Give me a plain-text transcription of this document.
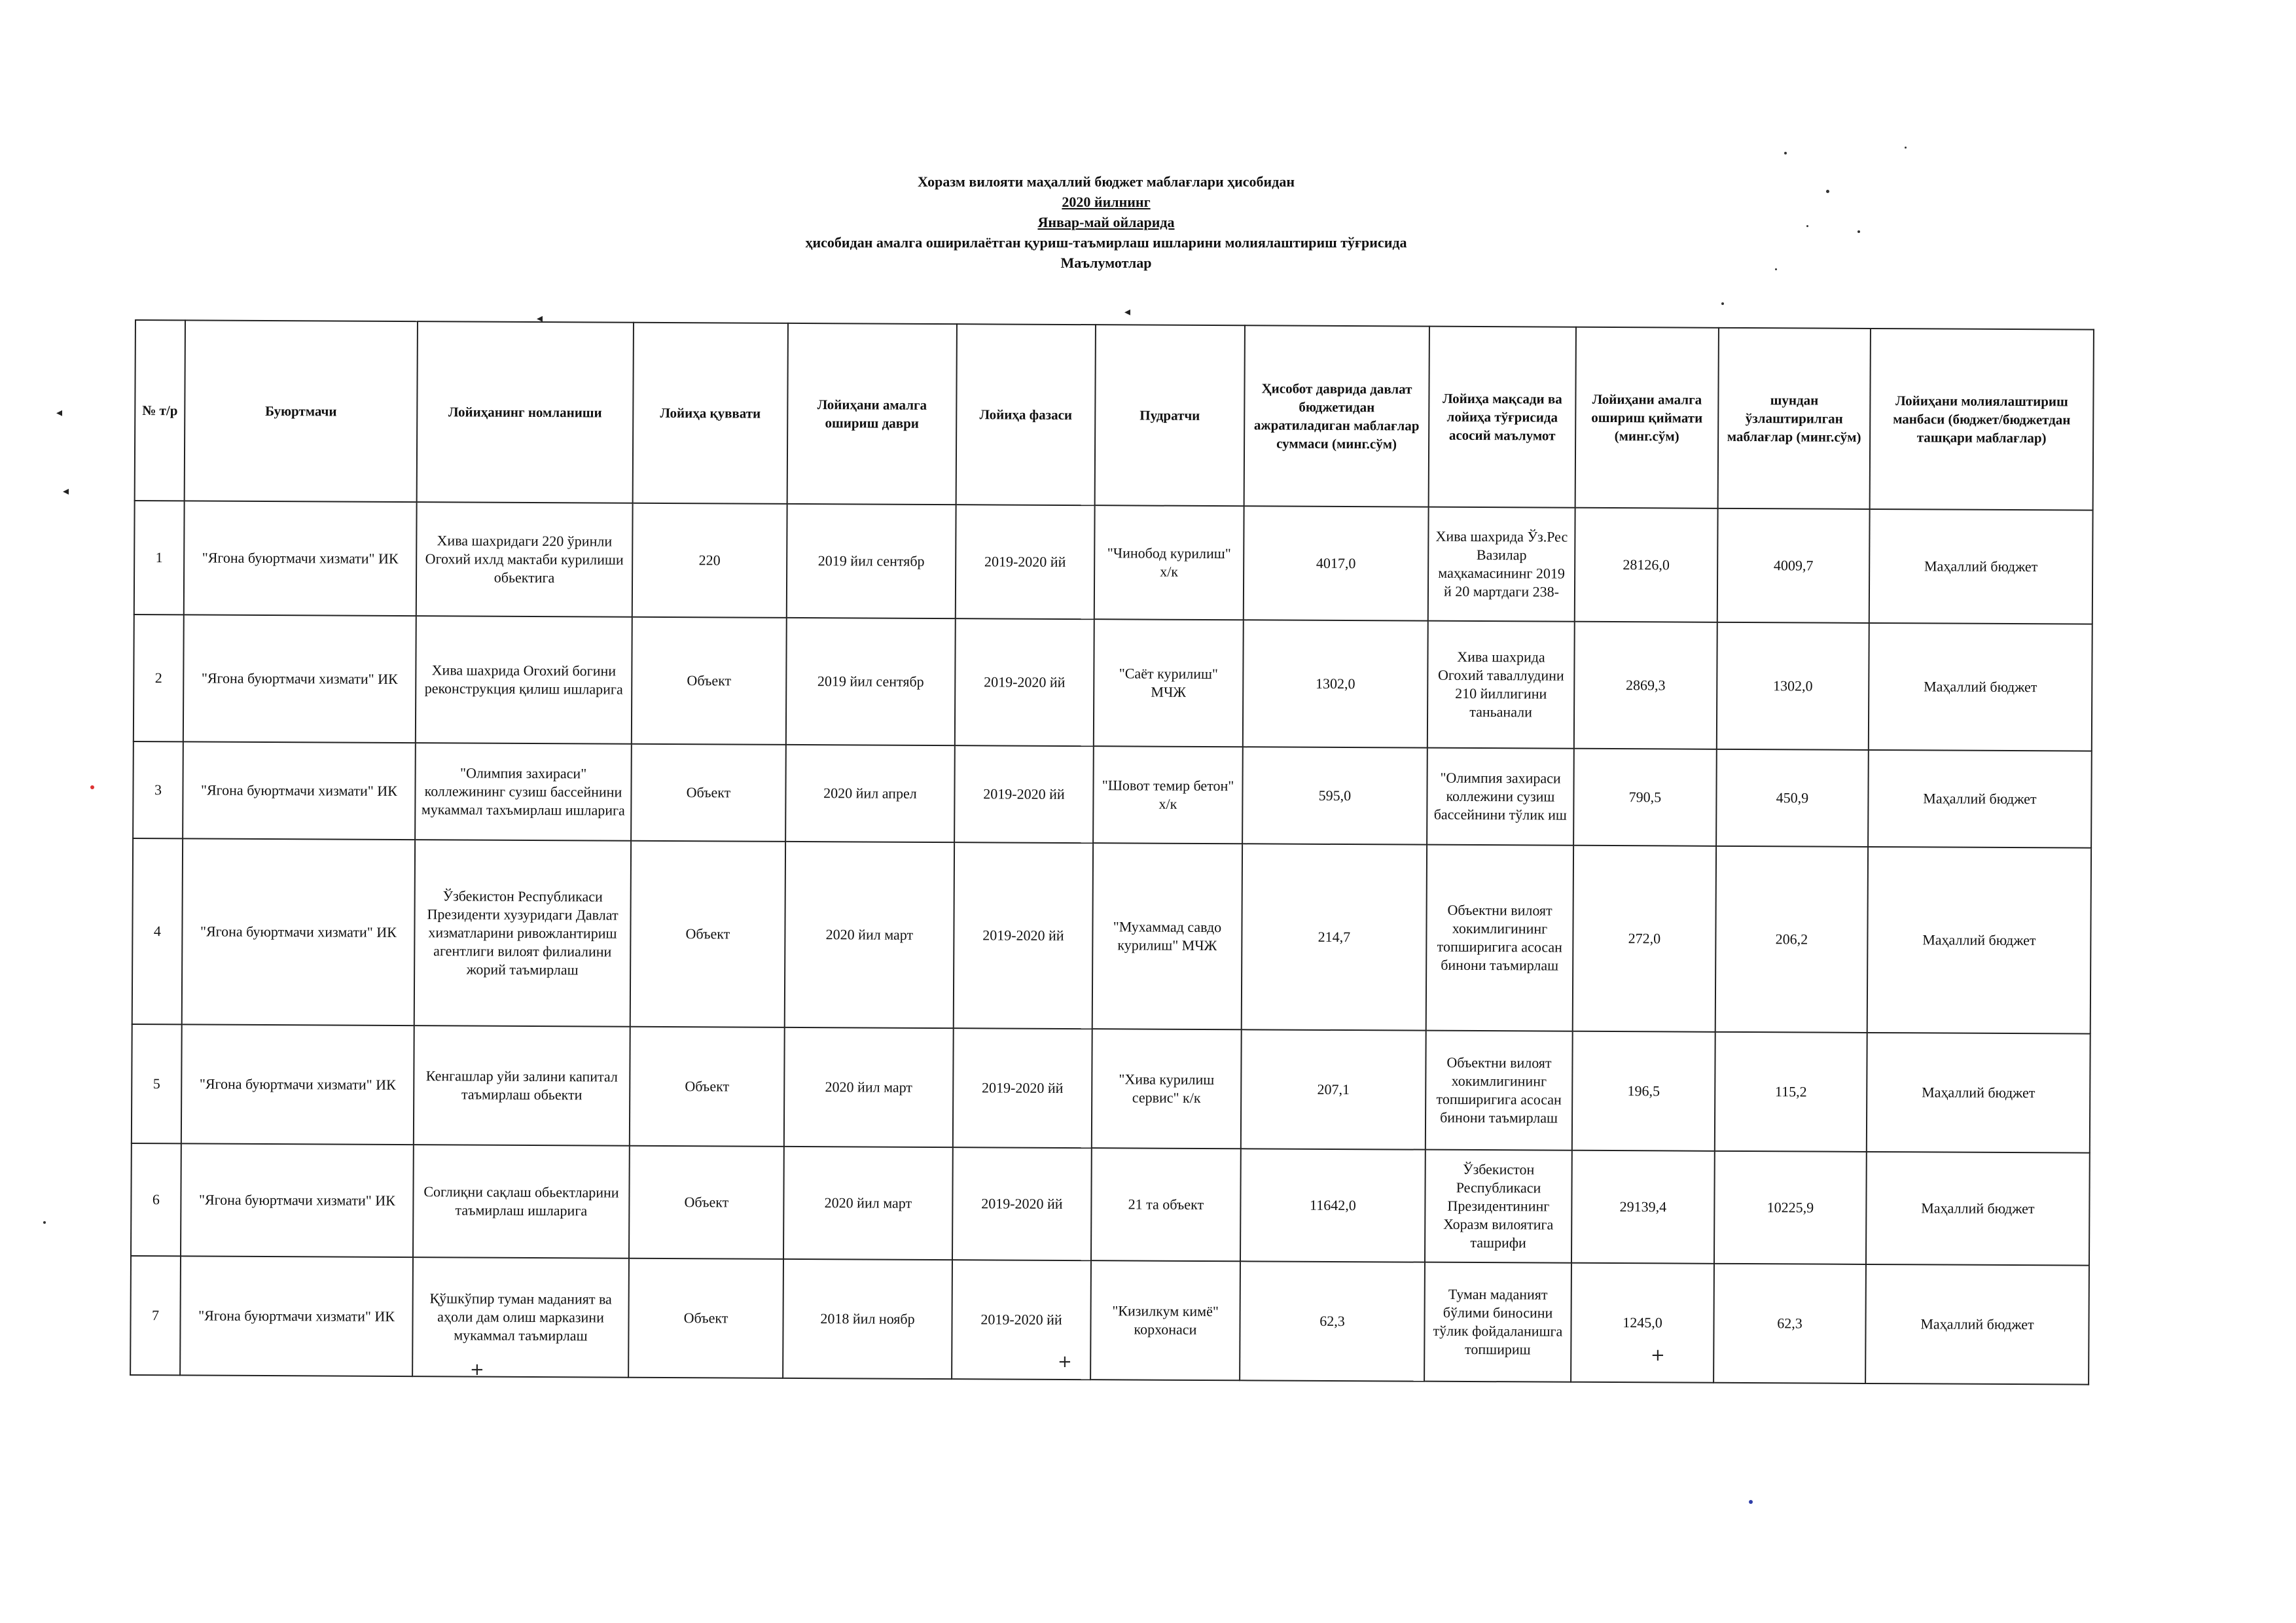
Хоразм вилояти маҳаллий бюджет маблағлари ҳисобидан
2020 йилнинг
Январ-май ойларида
ҳисобидан амалга оширилаётган қуриш-таъмирлаш ишларини молиялаштириш тўғрисида
Маълумотлар
№ т/р	Буюртмачи	Лойиҳанинг номланиши	Лойиҳа қуввати	Лойиҳани амалга ошириш даври	Лойиҳа фазаси	Пудратчи	Ҳисобот даврида давлат бюджетидан ажратиладиган маблағлар суммаси (минг.сўм)	Лойиҳа мақсади ва лойиҳа тўғрисида асосий маълумот	Лойиҳани амалга ошириш қиймати (минг.сўм)	шундан ўзлаштирилган маблағлар (минг.сўм)	Лойиҳани молиялаштириш манбаси (бюджет/бюджетдан ташқари маблағлар)
1	"Ягона буюртмачи хизмати" ИК	Хива шахридаги 220 ўринли Огохий ихлд мактаби курилиши обьектига	220	2019 йил сентябр	2019-2020 йй	"Чинобод курилиш" х/к	4017,0	Хива шахрида Ўз.Рес Вазилар маҳкамасининг 2019 й 20 мартдаги 238-	28126,0	4009,7	Маҳаллий бюджет
2	"Ягона буюртмачи хизмати" ИК	Хива шахрида Огохий богини реконструкция қилиш ишларига	Объект	2019 йил сентябр	2019-2020 йй	"Саёт курилиш" МЧЖ	1302,0	Хива шахрида Огохий таваллудини 210 йиллигини таньанали	2869,3	1302,0	Маҳаллий бюджет
3	"Ягона буюртмачи хизмати" ИК	"Олимпия захираси" коллежининг сузиш бассейнини мукаммал тахъмирлаш ишларига	Объект	2020 йил апрел	2019-2020 йй	"Шовот темир бетон" х/к	595,0	"Олимпия захираси коллежини сузиш бассейнини тўлик иш	790,5	450,9	Маҳаллий бюджет
4	"Ягона буюртмачи хизмати" ИК	Ўзбекистон Республикаси Президенти хузуридаги Давлат хизматларини ривожлантириш агентлиги вилоят филиалини жорий таъмирлаш	Объект	2020 йил март	2019-2020 йй	"Мухаммад савдо курилиш" МЧЖ	214,7	Объектни вилоят хокимлигининг топширигига асосан бинони таъмирлаш	272,0	206,2	Маҳаллий бюджет
5	"Ягона буюртмачи хизмати" ИК	Кенгашлар уйи залини капитал таъмирлаш обьекти	Объект	2020 йил март	2019-2020 йй	"Хива курилиш сервис" к/к	207,1	Объектни вилоят хокимлигининг топширигига асосан бинони таъмирлаш	196,5	115,2	Маҳаллий бюджет
6	"Ягона буюртмачи хизмати" ИК	Соглиқни сақлаш обьектларини таъмирлаш ишларига	Объект	2020 йил март	2019-2020 йй	21 та объект	11642,0	Ўзбекистон Республикаси Президентининг Хоразм вилоятига ташрифи	29139,4	10225,9	Маҳаллий бюджет
7	"Ягона буюртмачи хизмати" ИК	Қўшкўпир туман маданият ва аҳоли дам олиш марказини мукаммал таъмирлаш	Объект	2018 йил ноябр	2019-2020 йй	"Кизилкум кимё" корхонаси	62,3	Туман маданият бўлими биносини тўлик фойдаланишга топшириш	1245,0	62,3	Маҳаллий бюджет
◂	◂
◂
◂
+	+	+
